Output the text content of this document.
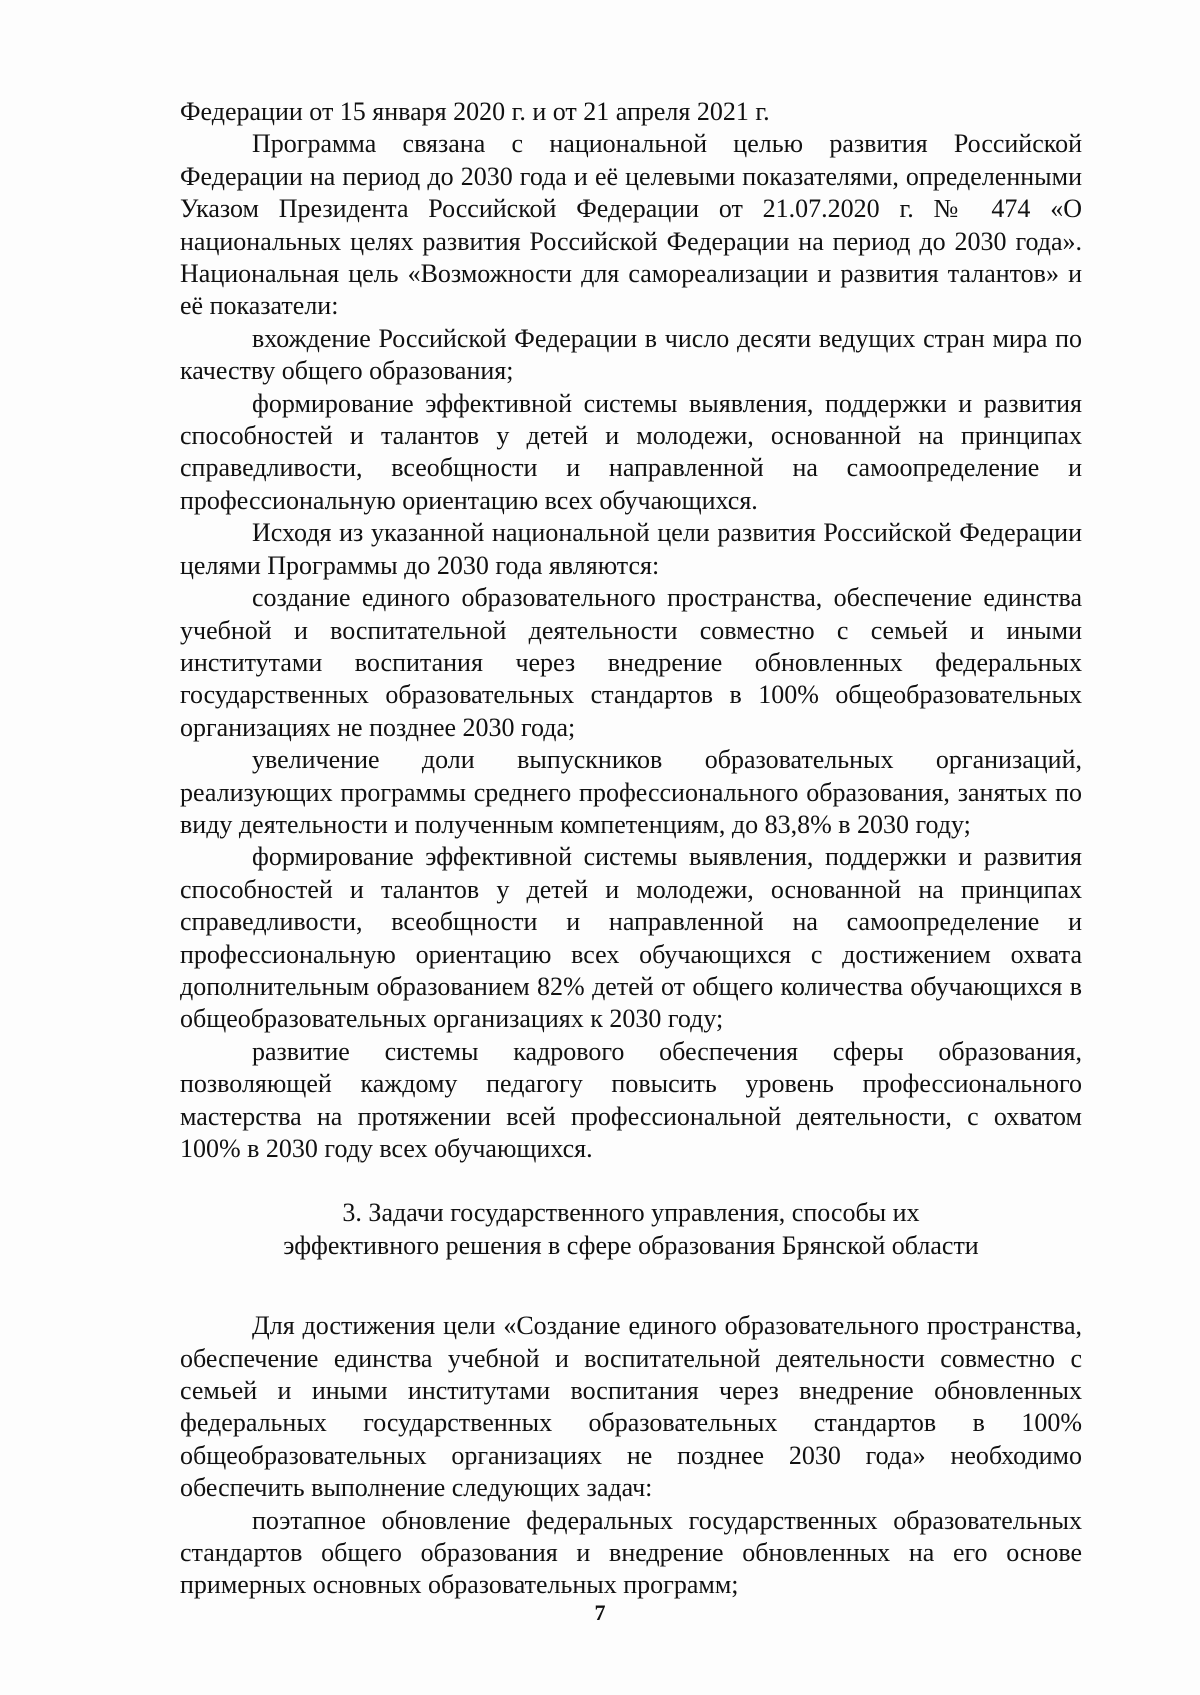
Федерации от 15 января 2020 г. и от 21 апреля 2021 г.

Программа связана с национальной целью развития Российской Федерации на период до 2030 года и её целевыми показателями, определенными Указом Президента Российской Федерации от 21.07.2020 г. № 474 «О национальных целях развития Российской Федерации на период до 2030 года». Национальная цель «Возможности для самореализации и развития талантов» и её показатели:

вхождение Российской Федерации в число десяти ведущих стран мира по качеству общего образования;

формирование эффективной системы выявления, поддержки и развития способностей и талантов у детей и молодежи, основанной на принципах справедливости, всеобщности и направленной на самоопределение и профессиональную ориентацию всех обучающихся.

Исходя из указанной национальной цели развития Российской Федерации целями Программы до 2030 года являются:

создание единого образовательного пространства, обеспечение единства учебной и воспитательной деятельности совместно с семьей и иными институтами воспитания через внедрение обновленных федеральных государственных образовательных стандартов в 100% общеобразовательных организациях не позднее 2030 года;

увеличение доли выпускников образовательных организаций, реализующих программы среднего профессионального образования, занятых по виду деятельности и полученным компетенциям, до 83,8% в 2030 году;

формирование эффективной системы выявления, поддержки и развития способностей и талантов у детей и молодежи, основанной на принципах справедливости, всеобщности и направленной на самоопределение и профессиональную ориентацию всех обучающихся с достижением охвата дополнительным образованием 82% детей от общего количества обучающихся в общеобразовательных организациях к 2030 году;

развитие системы кадрового обеспечения сферы образования, позволяющей каждому педагогу повысить уровень профессионального мастерства на протяжении всей профессиональной деятельности, с охватом 100% в 2030 году всех обучающихся.

3. Задачи государственного управления, способы их

эффективного решения в сфере образования Брянской области

Для достижения цели «Создание единого образовательного пространства, обеспечение единства учебной и воспитательной деятельности совместно с семьей и иными институтами воспитания через внедрение обновленных федеральных государственных образовательных стандартов в 100% общеобразовательных организациях не позднее 2030 года» необходимо обеспечить выполнение следующих задач:

поэтапное обновление федеральных государственных образовательных стандартов общего образования и внедрение обновленных на его основе примерных основных образовательных программ;

7
